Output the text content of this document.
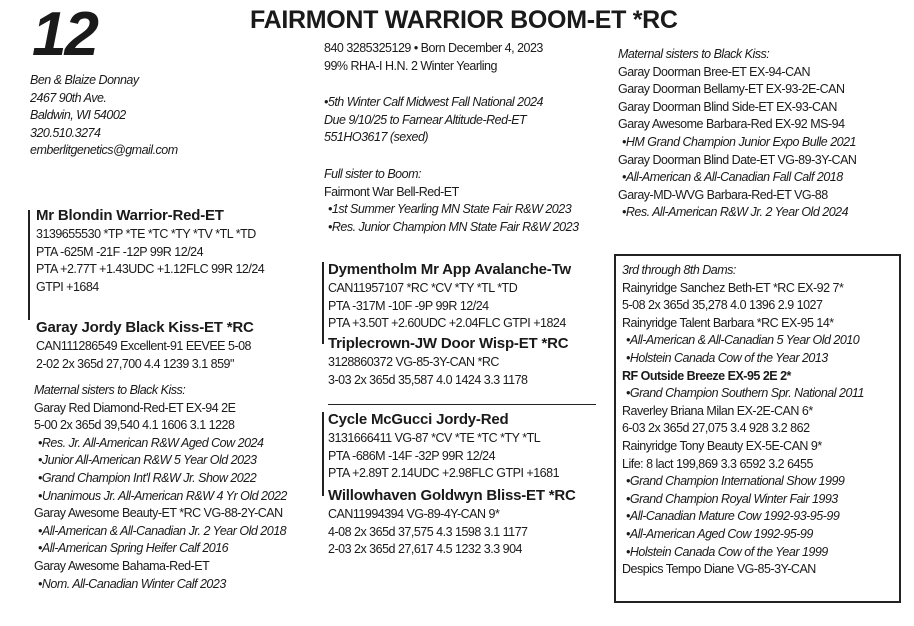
12	FAIRMONT WARRIOR BOOM-ET *RC
Ben & Blaize Donnay
2467 90th Ave.
Baldwin, WI 54002
320.510.3274
emberlitgenetics@gmail.com
840 3285325129 • Born December 4, 2023
99% RHA-I H.N. 2 Winter Yearling
•5th Winter Calf Midwest Fall National 2024
Due 9/10/25 to Farnear Altitude-Red-ET
551HO3617 (sexed)
Full sister to Boom:
Fairmont War Bell-Red-ET
•1st Summer Yearling MN State Fair R&W 2023
•Res. Junior Champion MN State Fair R&W 2023
Mr Blondin Warrior-Red-ET
3139655530 *TP *TE *TC *TY *TV *TL *TD
PTA -625M -21F -12P 99R 12/24
PTA +2.77T +1.43UDC +1.12FLC 99R 12/24
GTPI +1684
Garay Jordy Black Kiss-ET *RC
CAN111286549 Excellent-91 EEVEE 5-08
2-02 2x 365d 27,700 4.4 1239 3.1 859"
Maternal sisters to Black Kiss:
Garay Red Diamond-Red-ET EX-94 2E
5-00 2x 365d 39,540 4.1 1606 3.1 1228
•Res. Jr. All-American R&W Aged Cow 2024
•Junior All-American R&W 5 Year Old 2023
•Grand Champion Int'l R&W Jr. Show 2022
•Unanimous Jr. All-American R&W 4 Yr Old 2022
Garay Awesome Beauty-ET *RC VG-88-2Y-CAN
•All-American & All-Canadian Jr. 2 Year Old 2018
•All-American Spring Heifer Calf 2016
Garay Awesome Bahama-Red-ET
•Nom. All-Canadian Winter Calf 2023
Dymentholm Mr App Avalanche-Tw
CAN11957107 *RC *CV *TY *TL *TD
PTA -317M -10F -9P 99R 12/24
PTA +3.50T +2.60UDC +2.04FLC GTPI +1824
Triplecrown-JW Door Wisp-ET *RC
3128860372 VG-85-3Y-CAN *RC
3-03 2x 365d 35,587 4.0 1424 3.3 1178
Cycle McGucci Jordy-Red
3131666411 VG-87 *CV *TE *TC *TY *TL
PTA -686M -14F -32P 99R 12/24
PTA +2.89T 2.14UDC +2.98FLC GTPI +1681
Willowhaven Goldwyn Bliss-ET *RC
CAN11994394 VG-89-4Y-CAN 9*
4-08 2x 365d 37,575 4.3 1598 3.1 1177
2-03 2x 365d 27,617 4.5 1232 3.3 904
Maternal sisters to Black Kiss:
Garay Doorman Bree-ET EX-94-CAN
Garay Doorman Bellamy-ET EX-93-2E-CAN
Garay Doorman Blind Side-ET EX-93-CAN
Garay Awesome Barbara-Red EX-92 MS-94
•HM Grand Champion Junior Expo Bulle 2021
Garay Doorman Blind Date-ET VG-89-3Y-CAN
•All-American & All-Canadian Fall Calf 2018
Garay-MD-WVG Barbara-Red-ET VG-88
•Res. All-American R&W Jr. 2 Year Old 2024
3rd through 8th Dams:
Rainyridge Sanchez Beth-ET *RC EX-92 7*
5-08 2x 365d 35,278 4.0 1396 2.9 1027
Rainyridge Talent Barbara *RC EX-95 14*
•All-American & All-Canadian 5 Year Old 2010
•Holstein Canada Cow of the Year 2013
RF Outside Breeze EX-95 2E 2*
•Grand Champion Southern Spr. National 2011
Raverley Briana Milan EX-2E-CAN 6*
6-03 2x 365d 27,075 3.4 928 3.2 862
Rainyridge Tony Beauty EX-5E-CAN 9*
Life: 8 lact 199,869 3.3 6592 3.2 6455
•Grand Champion International Show 1999
•Grand Champion Royal Winter Fair 1993
•All-Canadian Mature Cow 1992-93-95-99
•All-American Aged Cow 1992-95-99
•Holstein Canada Cow of the Year 1999
Despics Tempo Diane VG-85-3Y-CAN
